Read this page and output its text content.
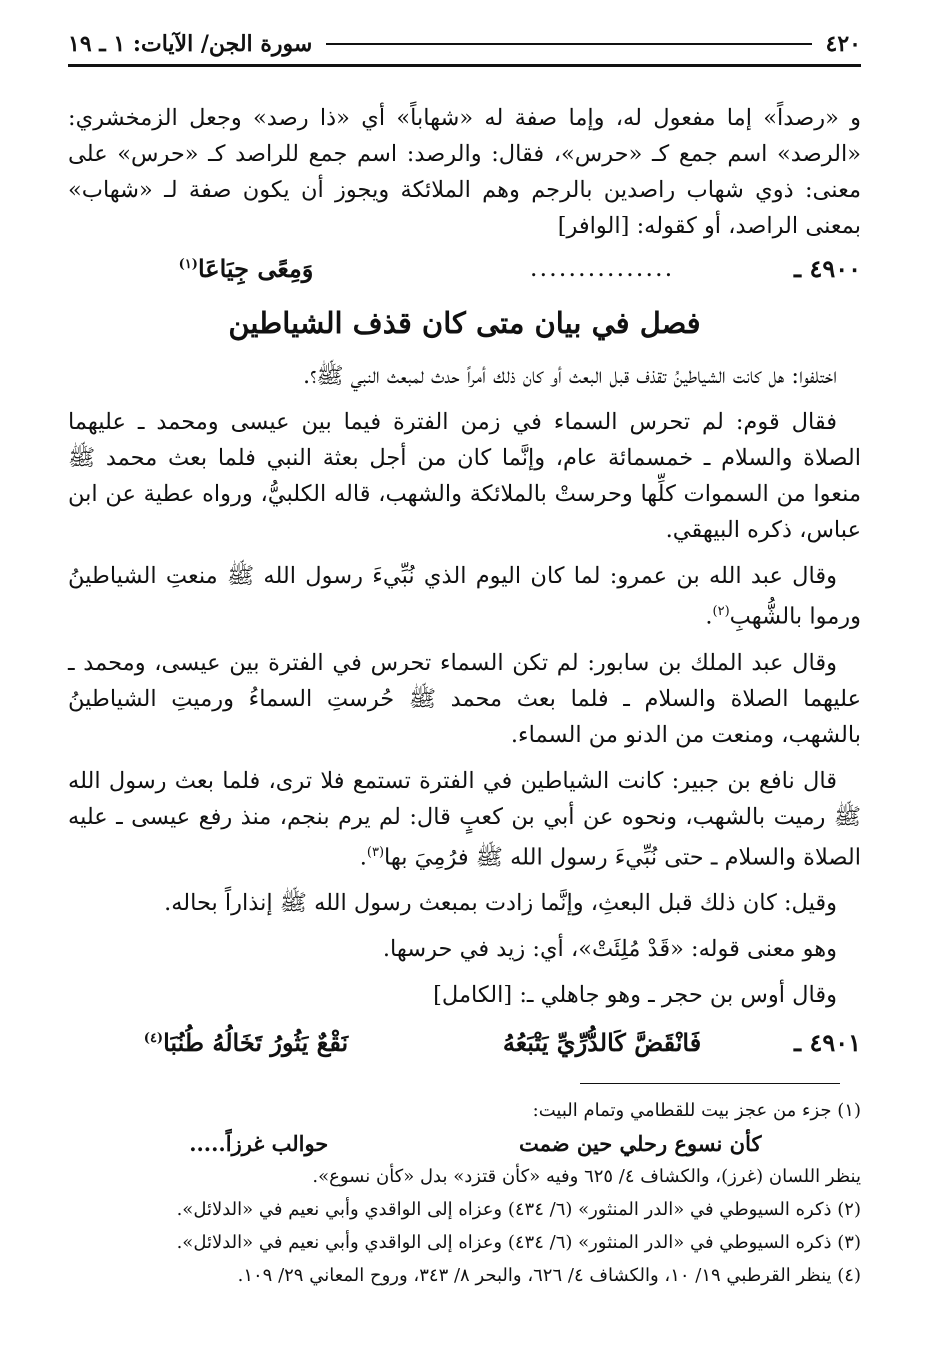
٤٢٠
سورة الجن/ الآيات: ١ ـ ١٩

و «رصداً» إما مفعول له، وإما صفة له «شهاباً» أي «ذا رصد» وجعل الزمخشري: «الرصد» اسم جمع كـ «حرس»، فقال: والرصد: اسم جمع للراصد كـ «حرس» على معنى: ذوي شهاب راصدين بالرجم وهم الملائكة ويجوز أن يكون صفة لـ «شهاب» بمعنى الراصد، أو كقوله: [الوافر]

٤٩٠٠ ـ
...............
وَمِعًى جِيَاعَا$^{(١)}$
فصل في بيان متى كان قذف الشياطين

اختلفوا: هل كانت الشياطينُ تقذف قبل البعث أو كان ذلك أمراً حدث لمبعث النبي ﷺ؟.

فقال قوم: لم تحرس السماء في زمن الفترة فيما بين عيسى ومحمد ـ عليهما الصلاة والسلام ـ خمسمائة عام، وإنَّما كان من أجل بعثة النبي فلما بعث محمد ﷺ منعوا من السموات كلِّها وحرستْ بالملائكة والشهب، قاله الكلبيُّ، ورواه عطية عن ابن عباس، ذكره البيهقي.

وقال عبد الله بن عمرو: لما كان اليوم الذي نُبِّيءَ رسول الله ﷺ منعتِ الشياطينُ ورموا بالشُّهبِ$^{(٢)}$.

وقال عبد الملك بن سابور: لم تكن السماء تحرس في الفترة بين عيسى، ومحمد ـ عليهما الصلاة والسلام ـ فلما بعث محمد ﷺ حُرستِ السماءُ ورميتِ الشياطينُ بالشهب، ومنعت من الدنو من السماء.

قال نافع بن جبير: كانت الشياطين في الفترة تستمع فلا ترى، فلما بعث رسول الله ﷺ رميت بالشهب، ونحوه عن أبي بن كعبٍ قال: لم يرم بنجم، منذ رفع عيسى ـ عليه الصلاة والسلام ـ حتى نُبِّيءَ رسول الله ﷺ فرُمِيَ بها$^{(٣)}$.

وقيل: كان ذلك قبل البعثِ، وإنَّما زادت بمبعث رسول الله ﷺ إنذاراً بحاله.

وهو معنى قوله: «قَدْ مُلِئَتْ»، أي: زيد في حرسها.

وقال أوس بن حجر ـ وهو جاهلي ـ: [الكامل]

٤٩٠١ ـ
فَانْقَضَّ كَالدُّرِّيِّ يَتْبَعُهُ
نَقْعٌ يَثُورُ تَخَالُهُ طُنُبَا$^{(٤)}$

(١) جزء من عجز بيت للقطامي وتمام البيت:

كأن نسوع رحلي حين ضمت
حوالب غرزاً.....

ينظر اللسان (غرز)، والكشاف ٤/ ٦٢٥ وفيه «كأن قتزد» بدل «كأن نسوع».

(٢) ذكره السيوطي في «الدر المنثور» (٦/ ٤٣٤) وعزاه إلى الواقدي وأبي نعيم في «الدلائل».

(٣) ذكره السيوطي في «الدر المنثور» (٦/ ٤٣٤) وعزاه إلى الواقدي وأبي نعيم في «الدلائل».

(٤) ينظر القرطبي ١٩/ ١٠، والكشاف ٤/ ٦٢٦، والبحر ٨/ ٣٤٣، وروح المعاني ٢٩/ ١٠٩.
